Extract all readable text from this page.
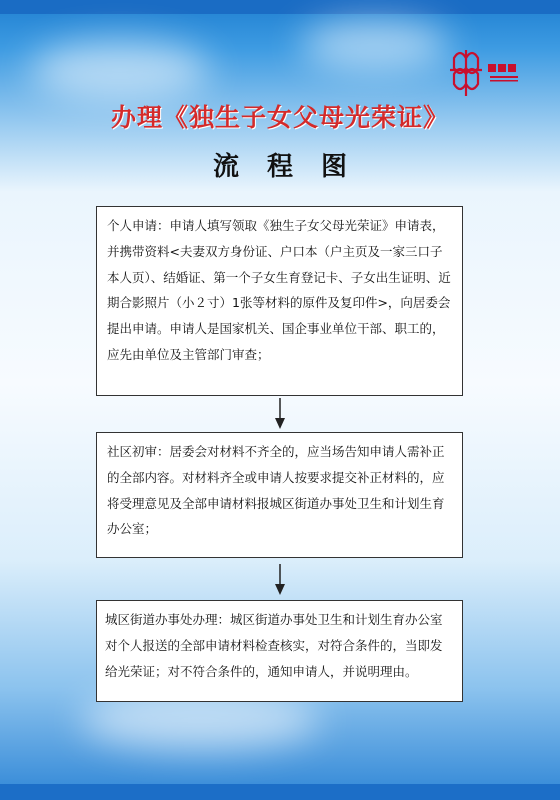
办理《独生子女父母光荣证》
流程图
个人申请：申请人填写领取《独生子女父母光荣证》申请表，并携带资料<夫妻双方身份证、户口本（户主页及一家三口子本人页）、结婚证、第一个子女生育登记卡、子女出生证明、近期合影照片（小２寸）1张等材料的原件及复印件>，向居委会提出申请。申请人是国家机关、国企事业单位干部、职工的，应先由单位及主管部门审查；
社区初审：居委会对材料不齐全的，应当场告知申请人需补正的全部内容。对材料齐全或申请人按要求提交补正材料的，应将受理意见及全部申请材料报城区街道办事处卫生和计划生育办公室；
城区街道办事处办理：城区街道办事处卫生和计划生育办公室对个人报送的全部申请材料检查核实，对符合条件的，当即发给光荣证；对不符合条件的，通知申请人，并说明理由。
